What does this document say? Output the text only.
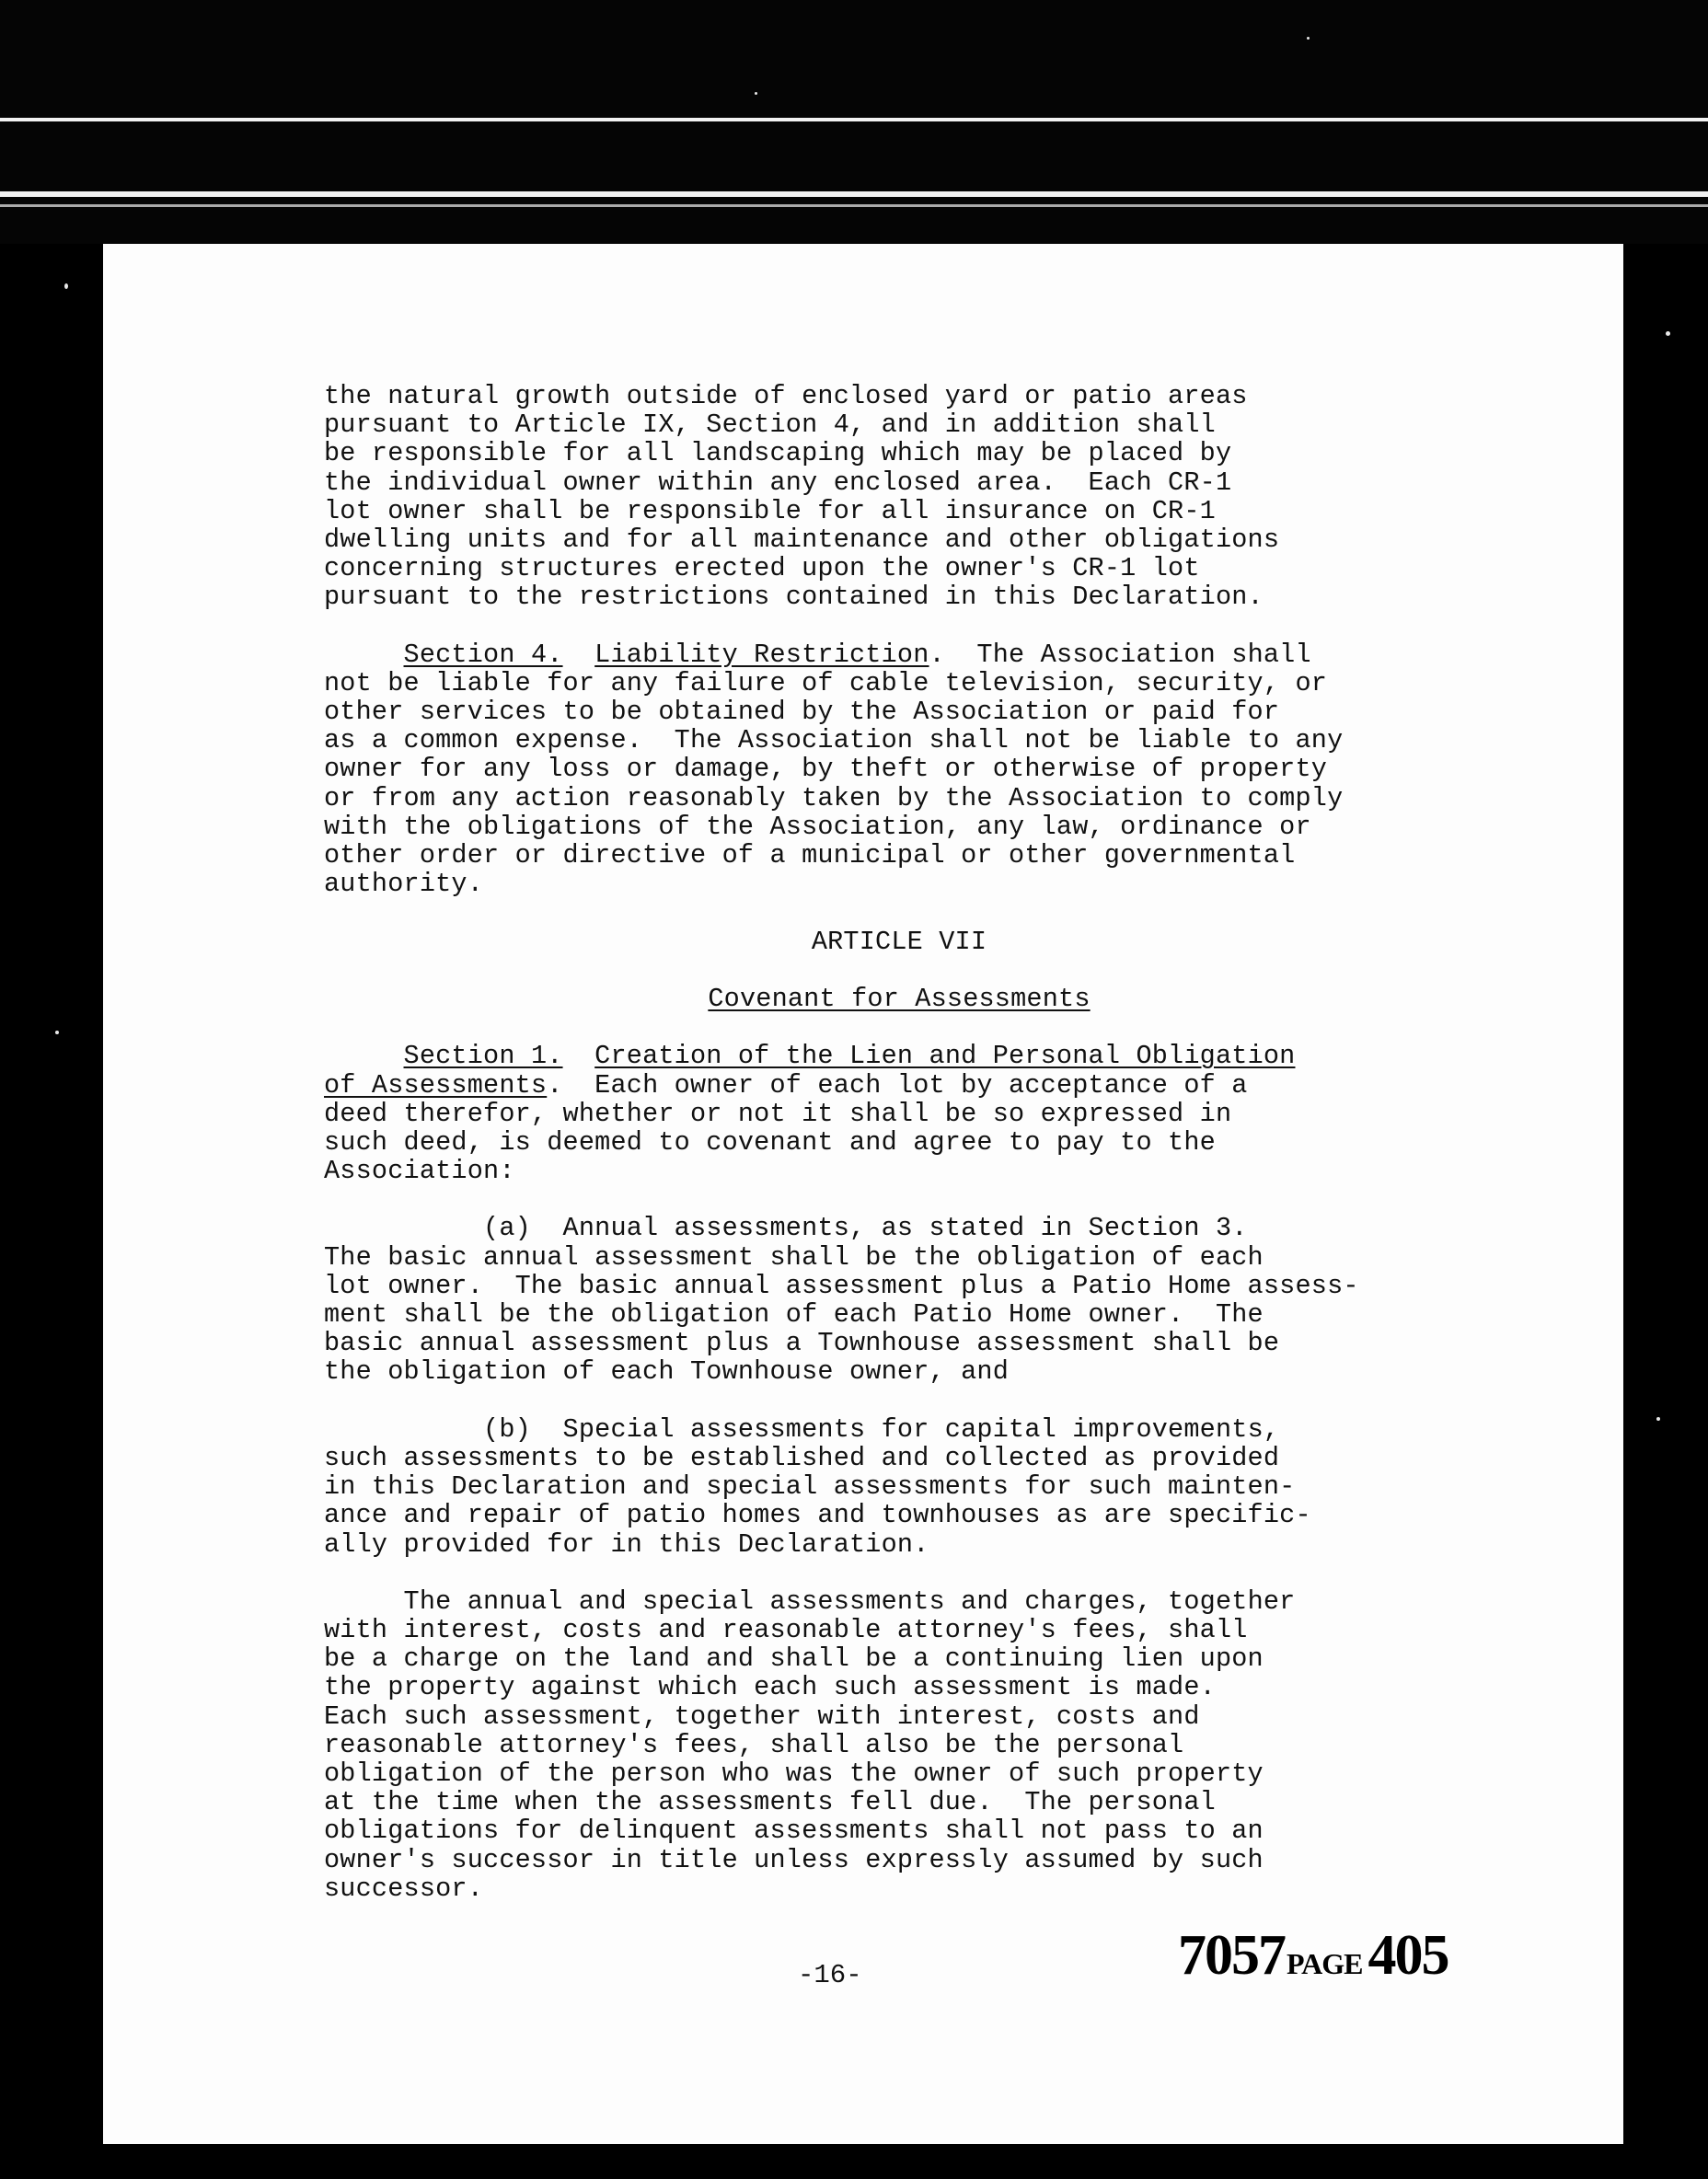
the natural growth outside of enclosed yard or patio areas
pursuant to Article IX, Section 4, and in addition shall
be responsible for all landscaping which may be placed by
the individual owner within any enclosed area.  Each CR-1
lot owner shall be responsible for all insurance on CR-1
dwelling units and for all maintenance and other obligations
concerning structures erected upon the owner's CR-1 lot
pursuant to the restrictions contained in this Declaration.
Section 4. Liability Restriction.  The Association shall
not be liable for any failure of cable television, security, or
other services to be obtained by the Association or paid for
as a common expense.  The Association shall not be liable to any
owner for any loss or damage, by theft or otherwise of property
or from any action reasonably taken by the Association to comply
with the obligations of the Association, any law, ordinance or
other order or directive of a municipal or other governmental
authority.
ARTICLE VII
Covenant for Assessments
Section 1. Creation of the Lien and Personal Obligation
of Assessments.  Each owner of each lot by acceptance of a
deed therefor, whether or not it shall be so expressed in
such deed, is deemed to covenant and agree to pay to the
Association:
(a)  Annual assessments, as stated in Section 3.
The basic annual assessment shall be the obligation of each
lot owner.  The basic annual assessment plus a Patio Home assess-
ment shall be the obligation of each Patio Home owner.  The
basic annual assessment plus a Townhouse assessment shall be
the obligation of each Townhouse owner, and
(b)  Special assessments for capital improvements,
such assessments to be established and collected as provided
in this Declaration and special assessments for such mainten-
ance and repair of patio homes and townhouses as are specific-
ally provided for in this Declaration.
The annual and special assessments and charges, together
with interest, costs and reasonable attorney's fees, shall
be a charge on the land and shall be a continuing lien upon
the property against which each such assessment is made.
Each such assessment, together with interest, costs and
reasonable attorney's fees, shall also be the personal
obligation of the person who was the owner of such property
at the time when the assessments fell due.  The personal
obligations for delinquent assessments shall not pass to an
owner's successor in title unless expressly assumed by such
successor.
-16-	7057PAGE405
